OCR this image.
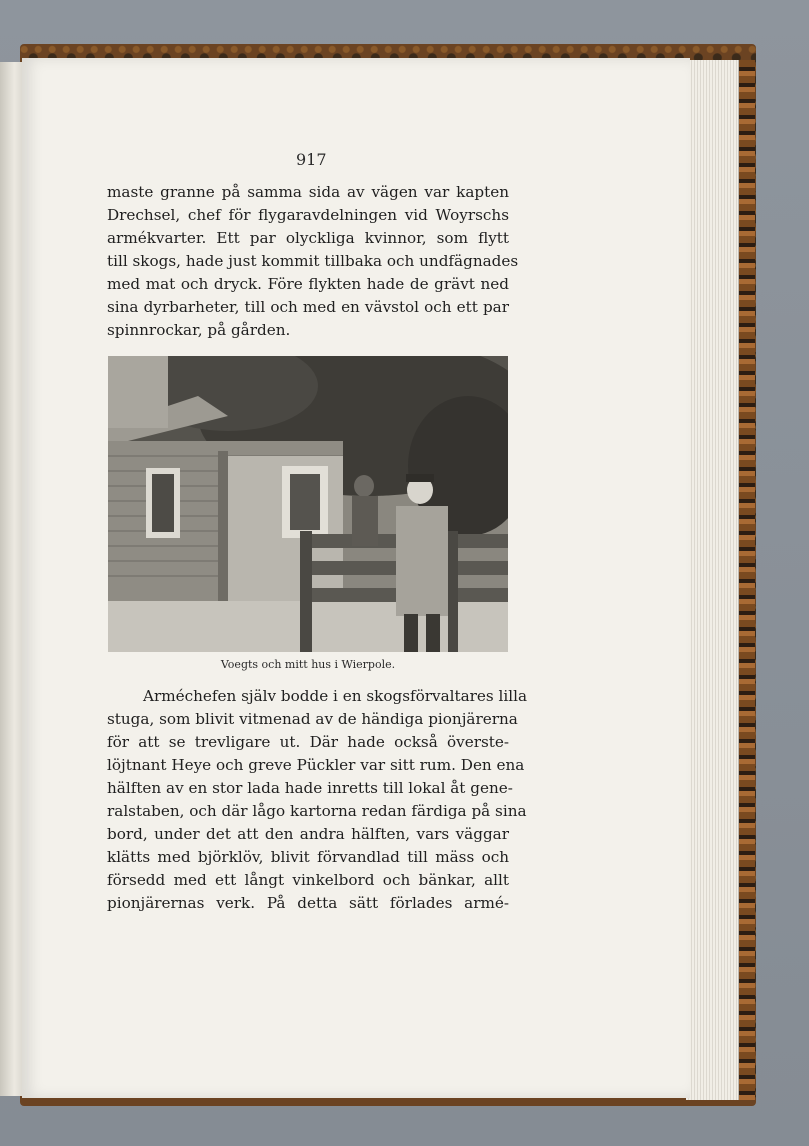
917
maste granne på samma sida av vägen var kapten
Drechsel, chef för flygaravdelningen vid Woyrschs
armékvarter. Ett par olyckliga kvinnor, som flytt
till skogs, hade just kommit tillbaka och undfägnades
med mat och dryck. Före flykten hade de grävt ned
sina dyrbarheter, till och med en vävstol och ett par
spinnrockar, på gården.
Voegts och mitt hus i Wierpole.
Arméchefen själv bodde i en skogsförvaltares lilla
stuga, som blivit vitmenad av de händiga pionjärerna
för att se trevligare ut. Där hade också överste-
löjtnant Heye och greve Pückler var sitt rum. Den ena
hälften av en stor lada hade inretts till lokal åt gene-
ralstaben, och där lågo kartorna redan färdiga på sina
bord, under det att den andra hälften, vars väggar
klätts med björklöv, blivit förvandlad till mäss och
försedd med ett långt vinkelbord och bänkar, allt
pionjärernas verk. På detta sätt förlades armé-
